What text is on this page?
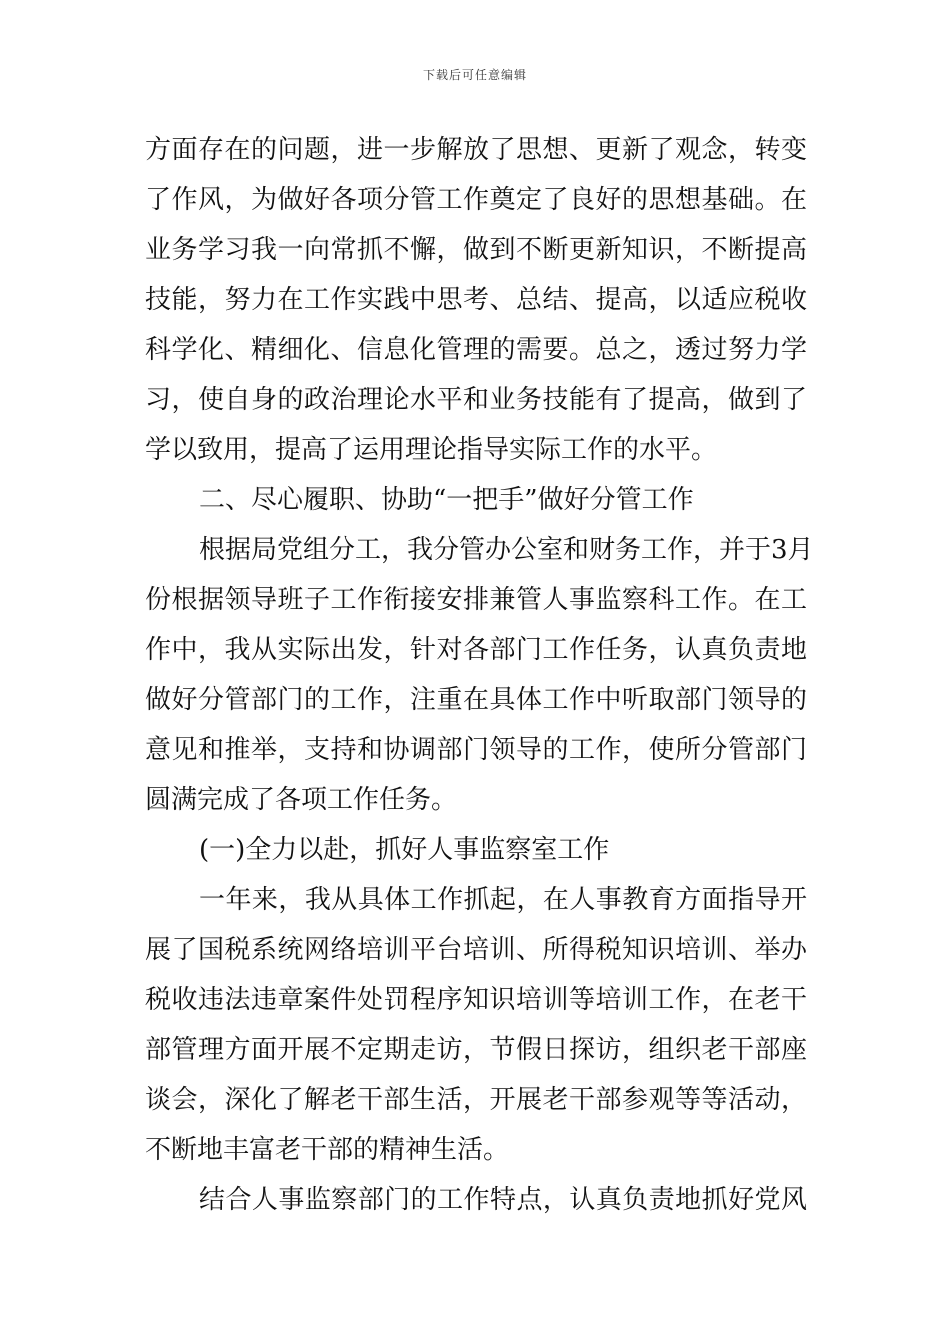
下载后可任意编辑
方面存在的问题，进一步解放了思想、更新了观念，转变
了作风，为做好各项分管工作奠定了良好的思想基础。在
业务学习我一向常抓不懈，做到不断更新知识，不断提高
技能，努力在工作实践中思考、总结、提高，以适应税收
科学化、精细化、信息化管理的需要。总之，透过努力学
习，使自身的政治理论水平和业务技能有了提高，做到了
学以致用，提高了运用理论指导实际工作的水平。
二、尽心履职、协助“一把手”做好分管工作
根据局党组分工，我分管办公室和财务工作，并于3月
份根据领导班子工作衔接安排兼管人事监察科工作。在工
作中，我从实际出发，针对各部门工作任务，认真负责地
做好分管部门的工作，注重在具体工作中听取部门领导的
意见和推举，支持和协调部门领导的工作，使所分管部门
圆满完成了各项工作任务。
(一)全力以赴，抓好人事监察室工作
一年来，我从具体工作抓起，在人事教育方面指导开
展了国税系统网络培训平台培训、所得税知识培训、举办
税收违法违章案件处罚程序知识培训等培训工作，在老干
部管理方面开展不定期走访，节假日探访，组织老干部座
谈会，深化了解老干部生活，开展老干部参观等等活动，
不断地丰富老干部的精神生活。
结合人事监察部门的工作特点，认真负责地抓好党风
